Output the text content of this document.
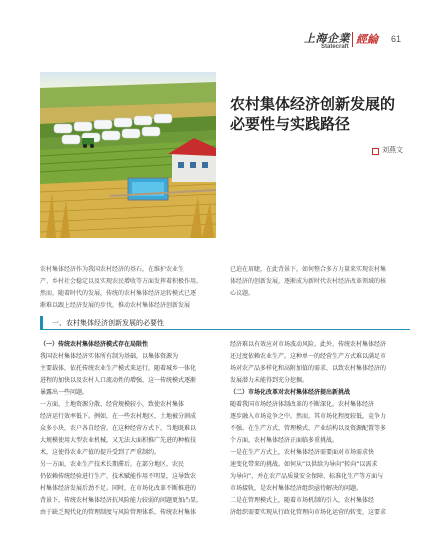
上海企業
Statecraft
經綸 61
农村集体经济创新发展的
必要性与实践路径
刘燕文
农村集体经济作为我国农村经济的基石，在维护农业生
产、乡村社会稳定以及实现农民增收等方面发挥着积极作用。
然而，随着时代的发展，传统的农村集体经济运转模式已逐
渐难以跟上经济发展的步伐，推动农村集体经济创新发展
已迫在眉睫，在此背景下，如何整合多方力量来实现农村集
体经济的创新发展，逐渐成为新时代农村经济改革领域的核
心议题。
一、农村集体经济创新发展的必要性
（一）传统农村集体经济模式存在局限性
我国农村集体经济实体所有制为基础，以集体资源为
主要载体，依托传统农业生产模式来运行，随着城乡一体化
进程的加快以及农村人口流动性的增强，这一传统模式逐渐
暴露出一些问题。
一方面，土地资源分散、经营规模较小，致使农村集体
经济运行效率低下。例如，在一些农村地区，土地被分割成
众多小块，农户各自经营。在这种经营方式下，当地既难以
大规模使用大型农业机械，又无法大面积推广先进的种植技
术，这使得农业产值的提升受到了严重制约。
另一方面，农业生产技术长期滞后。在部分地区，农民
仍依赖传统经验进行生产，技术赋能作用不明显，这导致农
村集体经济发展后劲不足。同时，在市场化改革不断推进的
背景下，传统农村集体经济抗风险能力较弱的问题更加凸显。
由于缺乏现代化的管理制度与风险管理体系，传统农村集体
经济难以有效应对市场波动风险。此外，传统农村集体经济
还过度依赖农业生产。这种单一的经营生产方式难以满足市
场对农产品多样化和高附加值的需求，以致农村集体经济的
发展潜力未能得到充分挖掘。
（二）市场化改革对农村集体经济提出新挑战
随着我国市场经济体制改革的不断深化，农村集体经济
逐步融入市场竞争之中。然而，其市场化程度较低，竞争力
不强。在生产方式、管理模式、产业结构以及资源配置等多
个方面，农村集体经济正面临多重挑战。
一是在生产方式上，农村集体经济需要面对市场需求快
速变化带来的挑战。如何从“以供给为导向”转向“以需求
为导向”，并在农产品质量安全保障、标准化生产等方面与
市场接轨，是农村集体经济组织亟待解决的问题。
二是在管理模式上，随着市场机制的引入，农村集体经
济组织需要实现从行政化管理向市场化运营的转变，这要求
